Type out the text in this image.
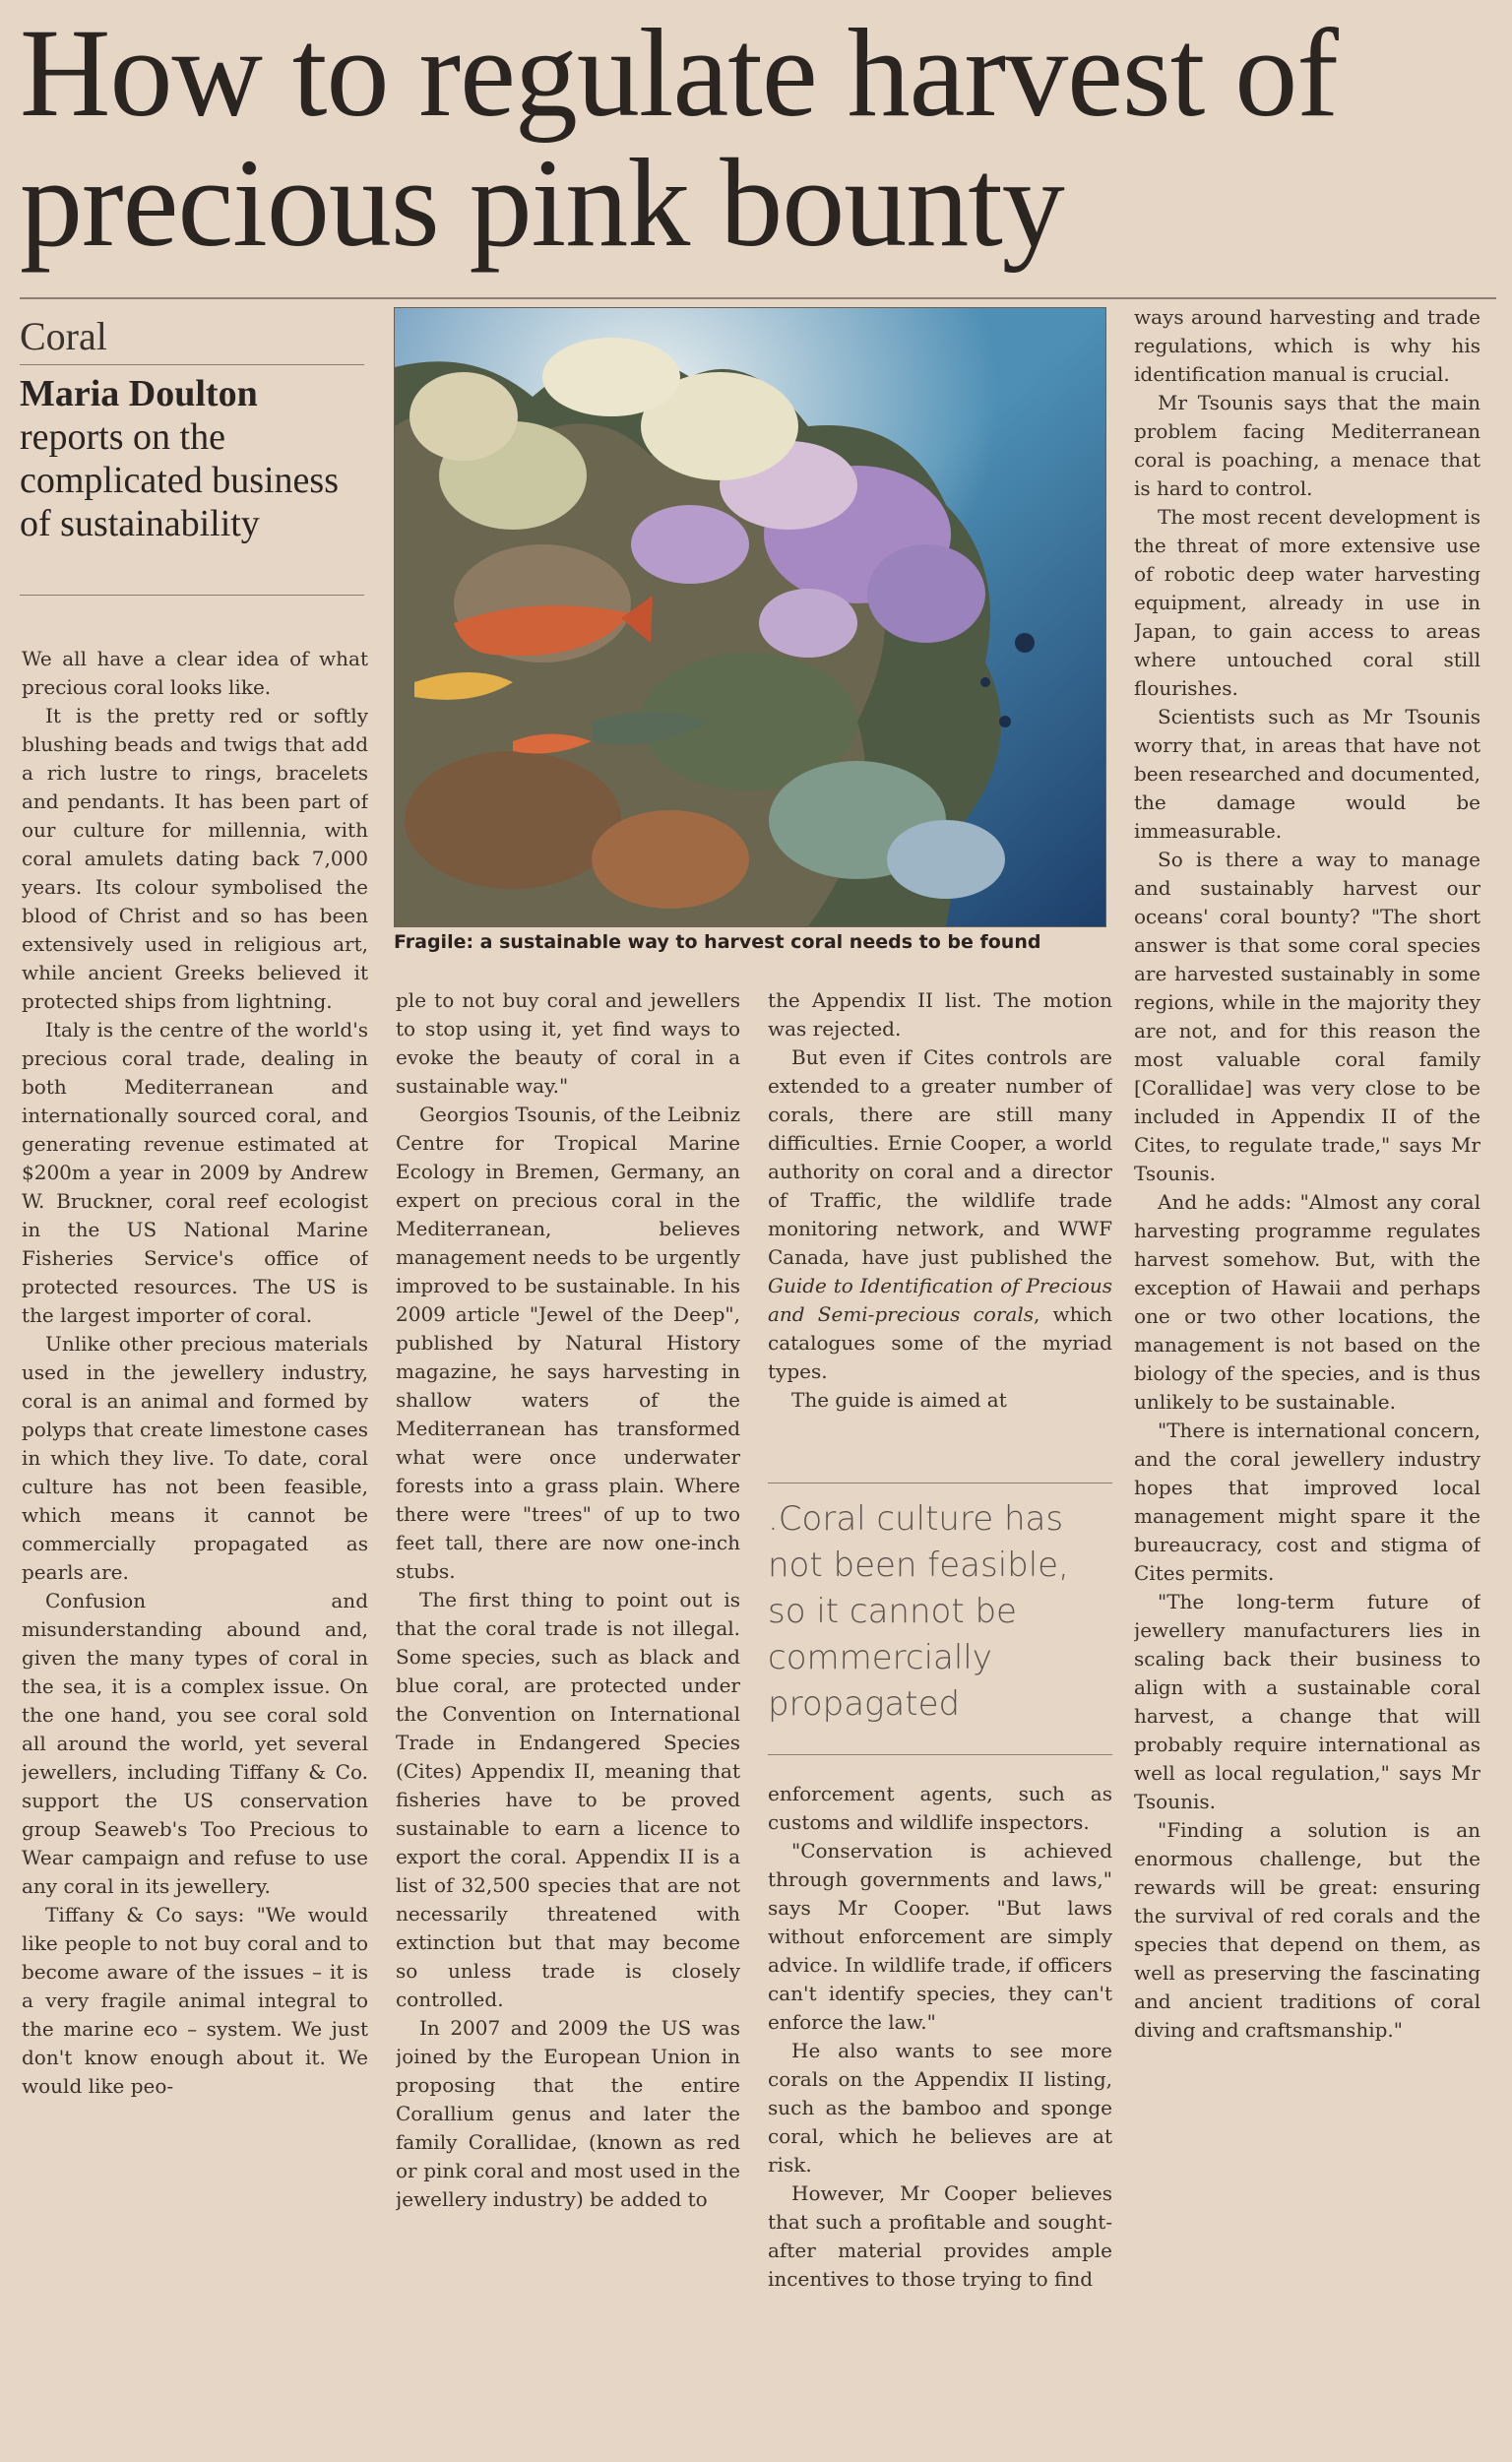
How to regulate harvest of precious pink bounty
Coral
Maria Doulton
reports on the complicated business of sustainability
Fragile: a sustainable way to harvest coral needs to be found

We all have a clear idea of what precious coral looks like.

It is the pretty red or softly blushing beads and twigs that add a rich lustre to rings, bracelets and pendants. It has been part of our culture for millennia, with coral amulets dating back 7,000 years. Its colour symbolised the blood of Christ and so has been extensively used in religious art, while ancient Greeks believed it protected ships from lightning.

Italy is the centre of the world's precious coral trade, dealing in both Mediterranean and internationally sourced coral, and generating revenue estimated at $200m a year in 2009 by Andrew W. Bruckner, coral reef ecologist in the US National Marine Fisheries Service's office of protected resources. The US is the largest importer of coral.

Unlike other precious materials used in the jewellery industry, coral is an animal and formed by polyps that create limestone cases in which they live. To date, coral culture has not been feasible, which means it cannot be commercially propagated as pearls are.

Confusion and misunderstanding abound and, given the many types of coral in the sea, it is a complex issue. On the one hand, you see coral sold all around the world, yet several jewellers, including Tiffany & Co. support the US conservation group Seaweb's Too Precious to Wear campaign and refuse to use any coral in its jewellery.

Tiffany & Co says: "We would like people to not buy coral and to become aware of the issues – it is a very fragile animal integral to the marine eco – system. We just don't know enough about it. We would like peo-

ple to not buy coral and jewellers to stop using it, yet find ways to evoke the beauty of coral in a sustainable way."

Georgios Tsounis, of the Leibniz Centre for Tropical Marine Ecology in Bremen, Germany, an expert on precious coral in the Mediterranean, believes management needs to be urgently improved to be sustainable. In his 2009 article "Jewel of the Deep", published by Natural History magazine, he says harvesting in shallow waters of the Mediterranean has transformed what were once underwater forests into a grass plain. Where there were "trees" of up to two feet tall, there are now one-inch stubs.

The first thing to point out is that the coral trade is not illegal. Some species, such as black and blue coral, are protected under the Convention on International Trade in Endangered Species (Cites) Appendix II, meaning that fisheries have to be proved sustainable to earn a licence to export the coral. Appendix II is a list of 32,500 species that are not necessarily threatened with extinction but that may become so unless trade is closely controlled.

In 2007 and 2009 the US was joined by the European Union in proposing that the entire Corallium genus and later the family Corallidae, (known as red or pink coral and most used in the jewellery industry) be added to

the Appendix II list. The motion was rejected.

But even if Cites controls are extended to a greater number of corals, there are still many difficulties. Ernie Cooper, a world authority on coral and a director of Traffic, the wildlife trade monitoring network, and WWF Canada, have just published the Guide to Identification of Precious and Semi-precious corals, which catalogues some of the myriad types.

The guide is aimed at

.Coral culture has not been feasible, so it cannot be commercially propagated

enforcement agents, such as customs and wildlife inspectors.

"Conservation is achieved through governments and laws," says Mr Cooper. "But laws without enforcement are simply advice. In wildlife trade, if officers can't identify species, they can't enforce the law."

He also wants to see more corals on the Appendix II listing, such as the bamboo and sponge coral, which he believes are at risk.

However, Mr Cooper believes that such a profitable and sought-after material provides ample incentives to those trying to find

ways around harvesting and trade regulations, which is why his identification manual is crucial.

Mr Tsounis says that the main problem facing Mediterranean coral is poaching, a menace that is hard to control.

The most recent development is the threat of more extensive use of robotic deep water harvesting equipment, already in use in Japan, to gain access to areas where untouched coral still flourishes.

Scientists such as Mr Tsounis worry that, in areas that have not been researched and documented, the damage would be immeasurable.

So is there a way to manage and sustainably harvest our oceans' coral bounty? "The short answer is that some coral species are harvested sustainably in some regions, while in the majority they are not, and for this reason the most valuable coral family [Corallidae] was very close to be included in Appendix II of the Cites, to regulate trade," says Mr Tsounis.

And he adds: "Almost any coral harvesting programme regulates harvest somehow. But, with the exception of Hawaii and perhaps one or two other locations, the management is not based on the biology of the species, and is thus unlikely to be sustainable.

"There is international concern, and the coral jewellery industry hopes that improved local management might spare it the bureaucracy, cost and stigma of Cites permits.

"The long-term future of jewellery manufacturers lies in scaling back their business to align with a sustainable coral harvest, a change that will probably require international as well as local regulation," says Mr Tsounis.

"Finding a solution is an enormous challenge, but the rewards will be great: ensuring the survival of red corals and the species that depend on them, as well as preserving the fascinating and ancient traditions of coral diving and craftsmanship."
